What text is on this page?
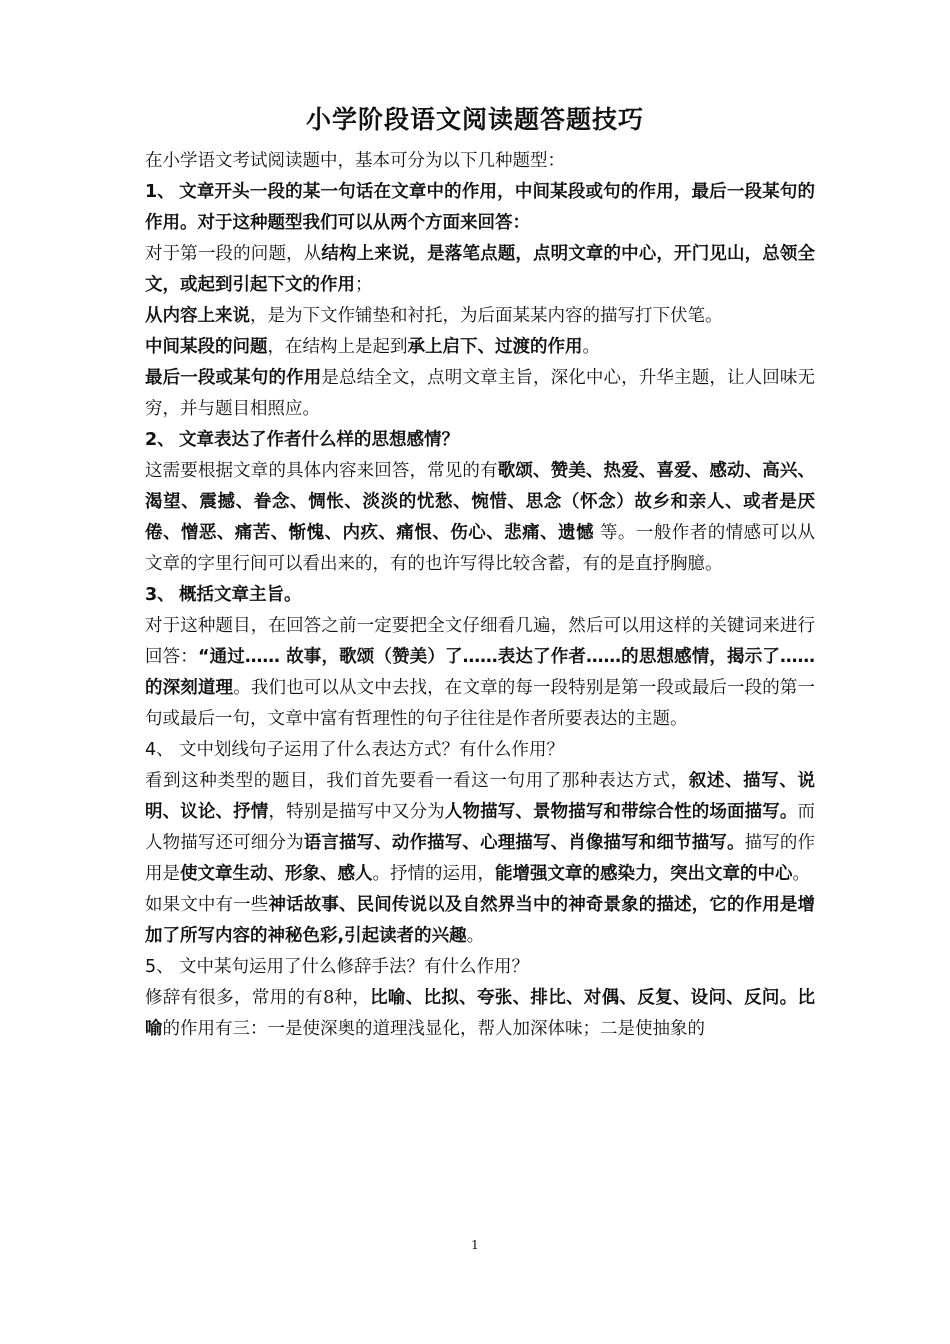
小学阶段语文阅读题答题技巧

在小学语文考试阅读题中，基本可分为以下几种题型：

1、 文章开头一段的某一句话在文章中的作用，中间某段或句的作用，最后一段某句的作用。对于这种题型我们可以从两个方面来回答：

对于第一段的问题，从结构上来说，是落笔点题，点明文章的中心，开门见山，总领全文，或起到引起下文的作用；

从内容上来说，是为下文作铺垫和衬托，为后面某某内容的描写打下伏笔。

中间某段的问题，在结构上是起到承上启下、过渡的作用。

最后一段或某句的作用是总结全文，点明文章主旨，深化中心，升华主题，让人回味无穷，并与题目相照应。

2、 文章表达了作者什么样的思想感情？

这需要根据文章的具体内容来回答，常见的有歌颂、赞美、热爱、喜爱、感动、高兴、渴望、震撼、眷念、惆怅、淡淡的忧愁、惋惜、思念（怀念）故乡和亲人、或者是厌倦、憎恶、痛苦、惭愧、内疚、痛恨、伤心、悲痛、遗憾 等。一般作者的情感可以从文章的字里行间可以看出来的，有的也许写得比较含蓄，有的是直抒胸臆。

3、 概括文章主旨。

对于这种题目，在回答之前一定要把全文仔细看几遍，然后可以用这样的关键词来进行回答：“通过…… 故事，歌颂（赞美）了……表达了作者……的思想感情，揭示了……的深刻道理。我们也可以从文中去找，在文章的每一段特别是第一段或最后一段的第一句或最后一句，文章中富有哲理性的句子往往是作者所要表达的主题。

4、 文中划线句子运用了什么表达方式？有什么作用？

看到这种类型的题目，我们首先要看一看这一句用了那种表达方式，叙述、描写、说明、议论、抒情，特别是描写中又分为人物描写、景物描写和带综合性的场面描写。而人物描写还可细分为语言描写、动作描写、心理描写、肖像描写和细节描写。描写的作用是使文章生动、形象、感人。抒情的运用，能增强文章的感染力，突出文章的中心。

如果文中有一些神话故事、民间传说以及自然界当中的神奇景象的描述，它的作用是增加了所写内容的神秘色彩,引起读者的兴趣。

5、 文中某句运用了什么修辞手法？有什么作用？

修辞有很多，常用的有8种，比喻、比拟、夸张、排比、对偶、反复、设问、反问。比喻的作用有三：一是使深奥的道理浅显化，帮人加深体味；二是使抽象的

1
